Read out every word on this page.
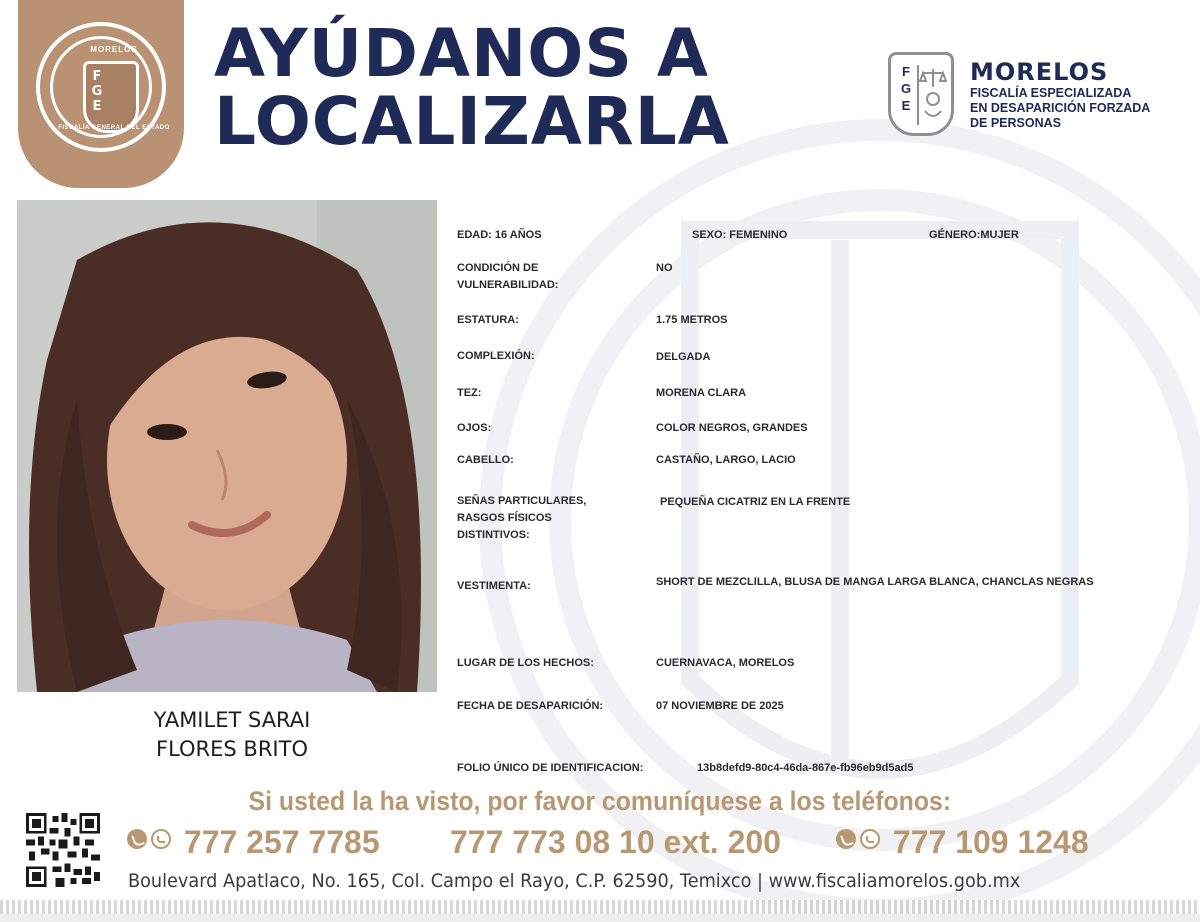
MORELOS
F G E
FISCALÍA GENERAL DEL ESTADO
AYÚDANOS A
LOCALIZARLA
F G E
MORELOS
FISCALÍA ESPECIALIZADA
EN DESAPARICIÓN FORZADA
DE PERSONAS
YAMILET SARAI
FLORES BRITO
EDAD: 16 AÑOS	SEXO: FEMENINO	GÉNERO:MUJER
CONDICIÓN DE
VULNERABILIDAD:
NO
ESTATURA:	1.75 METROS
COMPLEXIÓN:	DELGADA
TEZ:	MORENA CLARA
OJOS:	COLOR NEGROS, GRANDES
CABELLO:	CASTAÑO, LARGO, LACIO
SEÑAS PARTICULARES,
RASGOS FÍSICOS
DISTINTIVOS:
PEQUEÑA CICATRIZ EN LA FRENTE
VESTIMENTA:	SHORT DE MEZCLILLA, BLUSA DE MANGA LARGA BLANCA, CHANCLAS NEGRAS
LUGAR DE LOS HECHOS:	CUERNAVACA, MORELOS
FECHA DE DESAPARICIÓN:	07 NOVIEMBRE DE 2025
FOLIO ÚNICO DE IDENTIFICACION:	13b8defd9-80c4-46da-867e-fb96eb9d5ad5
Si usted la ha visto, por favor comuníquese a los teléfonos:
777 257 7785 777 773 08 10 ext. 200	777 109 1248
Boulevard Apatlaco, No. 165, Col. Campo el Rayo, C.P. 62590, Temixco | www.fiscaliamorelos.gob.mx
